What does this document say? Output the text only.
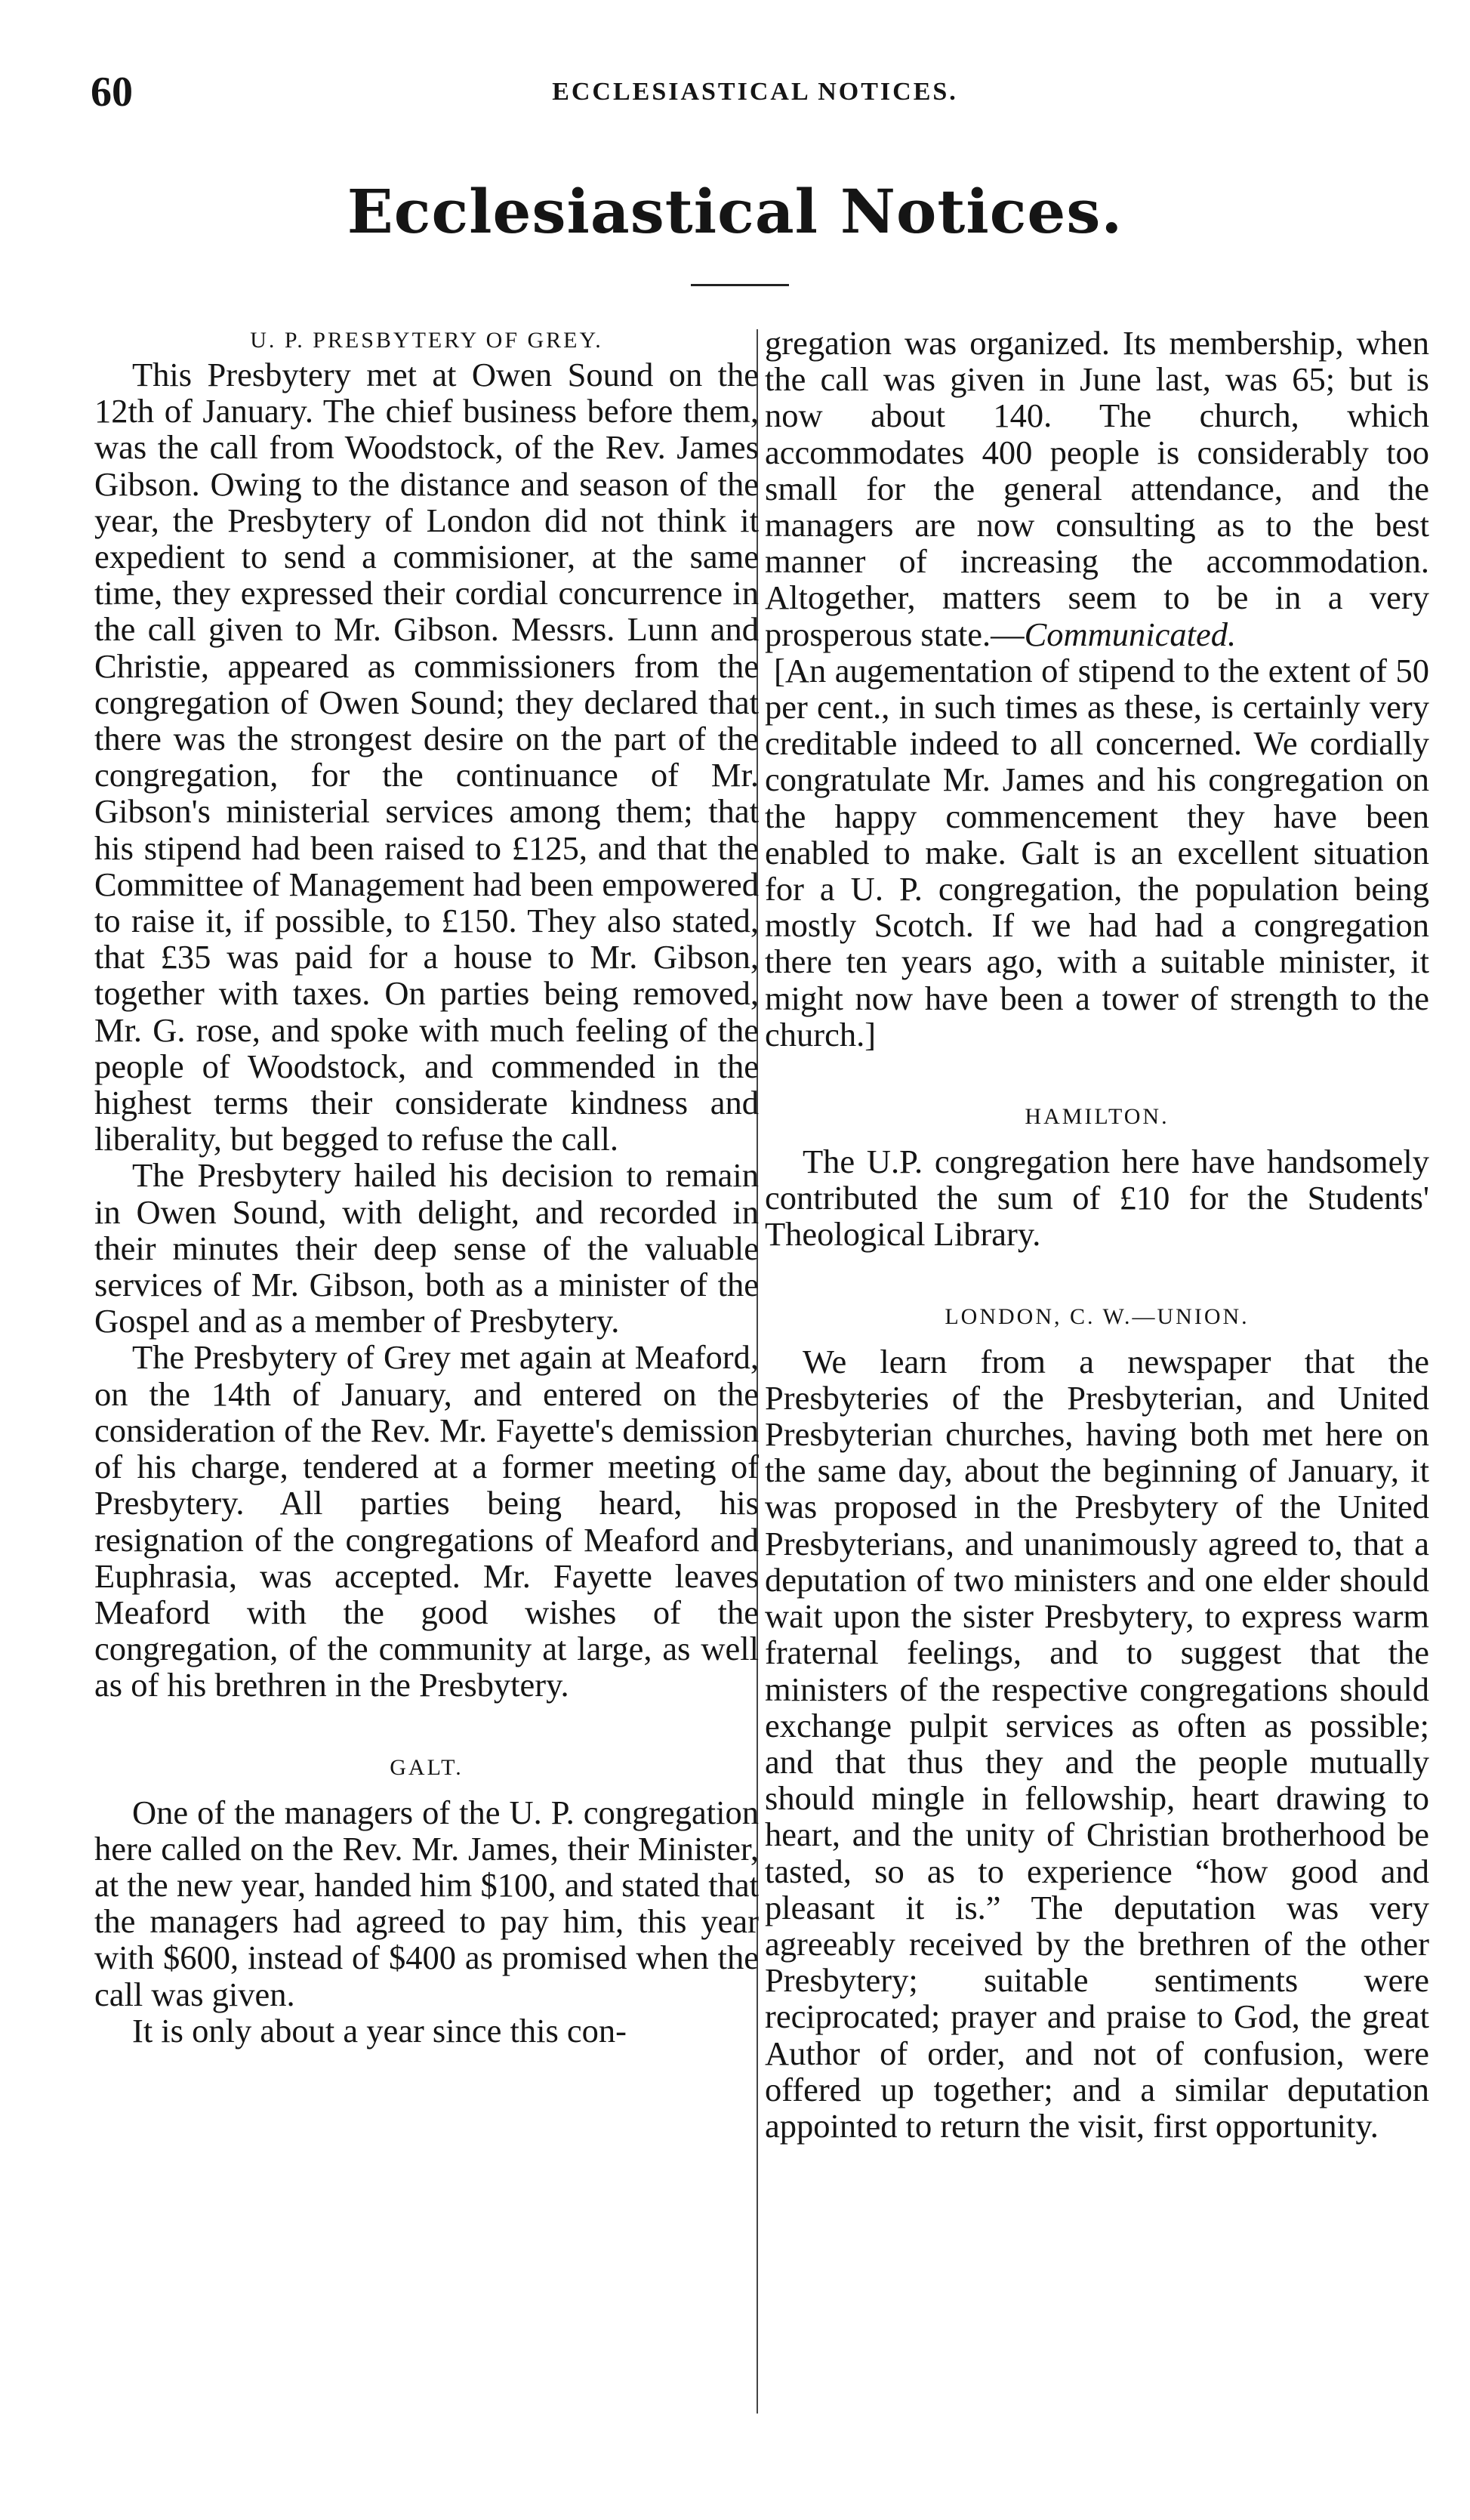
60	ECCLESIASTICAL NOTICES.
Ecclesiastical Notices.
U. P. PRESBYTERY OF GREY.

This Presbytery met at Owen Sound on the 12th of January. The chief business before them, was the call from Woodstock, of the Rev. James Gibson. Owing to the distance and season of the year, the Presbytery of London did not think it expedient to send a commisioner, at the same time, they expressed their cordial concurrence in the call given to Mr. Gibson. Messrs. Lunn and Christie, appeared as commissioners from the congregation of Owen Sound; they declared that there was the strongest desire on the part of the congregation, for the continuance of Mr. Gibson's ministerial services among them; that his stipend had been raised to £125, and that the Committee of Management had been empowered to raise it, if possible, to £150. They also stated, that £35 was paid for a house to Mr. Gibson, together with taxes. On parties being removed, Mr. G. rose, and spoke with much feeling of the people of Woodstock, and commended in the highest terms their considerate kindness and liberality, but begged to refuse the call.

The Presbytery hailed his decision to remain in Owen Sound, with delight, and recorded in their minutes their deep sense of the valuable services of Mr. Gibson, both as a minister of the Gospel and as a member of Presbytery.

The Presbytery of Grey met again at Meaford, on the 14th of January, and entered on the consideration of the Rev. Mr. Fayette's demission of his charge, tendered at a former meeting of Presbytery. All parties being heard, his resignation of the congregations of Meaford and Euphrasia, was accepted. Mr. Fayette leaves Meaford with the good wishes of the congregation, of the community at large, as well as of his brethren in the Presbytery.

GALT.

One of the managers of the U. P. congregation here called on the Rev. Mr. James, their Minister, at the new year, handed him $100, and stated that the managers had agreed to pay him, this year with $600, instead of $400 as promised when the call was given.

It is only about a year since this con-

gregation was organized. Its membership, when the call was given in June last, was 65; but is now about 140. The church, which accommodates 400 people is considerably too small for the general attendance, and the managers are now consulting as to the best manner of increasing the accommodation. Altogether, matters seem to be in a very prosperous state.—Communicated.

[An augementation of stipend to the extent of 50 per cent., in such times as these, is certainly very creditable indeed to all concerned. We cordially congratulate Mr. James and his congregation on the happy commencement they have been enabled to make. Galt is an excellent situation for a U. P. congregation, the population being mostly Scotch. If we had had a congregation there ten years ago, with a suitable minister, it might now have been a tower of strength to the church.]

HAMILTON.

The U.P. congregation here have handsomely contributed the sum of £10 for the Students' Theological Library.

LONDON, C. W.—UNION.

We learn from a newspaper that the Presbyteries of the Presbyterian, and United Presbyterian churches, having both met here on the same day, about the beginning of January, it was proposed in the Presbytery of the United Presbyterians, and unanimously agreed to, that a deputation of two ministers and one elder should wait upon the sister Presbytery, to express warm fraternal feelings, and to suggest that the ministers of the respective congregations should exchange pulpit services as often as possible; and that thus they and the people mutually should mingle in fellowship, heart drawing to heart, and the unity of Christian brotherhood be tasted, so as to experience “how good and pleasant it is.” The deputation was very agreeably received by the brethren of the other Presbytery; suitable sentiments were reciprocated; prayer and praise to God, the great Author of order, and not of confusion, were offered up together; and a similar deputation appointed to return the visit, first opportunity.
